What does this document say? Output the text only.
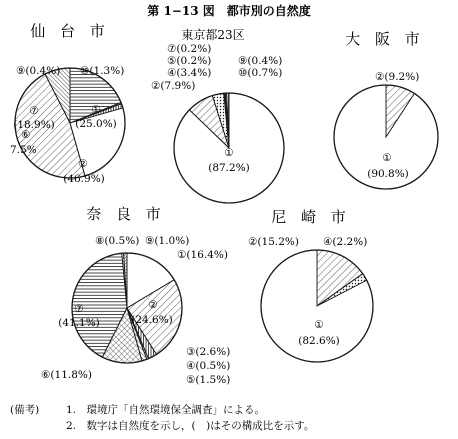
第 1−13 図　都市別の自然度
仙 台 市
⑨(0.4%) ⑩(1.3%)
①
(25.0%)
⑦
(18.9%)
⑥
7.5%
②
(46.9%)
東京都23区
⑦(0.2%)
⑤(0.2%)
④(3.4%)
②(7.9%)
⑨(0.4%)
⑩(0.7%)
①
(87.2%)
大 阪 市
②(9.2%)
①
(90.8%)
奈 良 市
⑧(0.5%) ⑨(1.0%)
①(16.4%)
⑦
(41.1%)
②
(24.6%)
③(2.6%)
④(0.5%)
⑤(1.5%)
⑥(11.8%)
尼 崎 市
②(15.2%) ④(2.2%)
①
(82.6%)
(備考)	1.　環境庁「自然環境保全調査」による。
2.　数字は自然度を示し，(　)はその構成比を示す。
